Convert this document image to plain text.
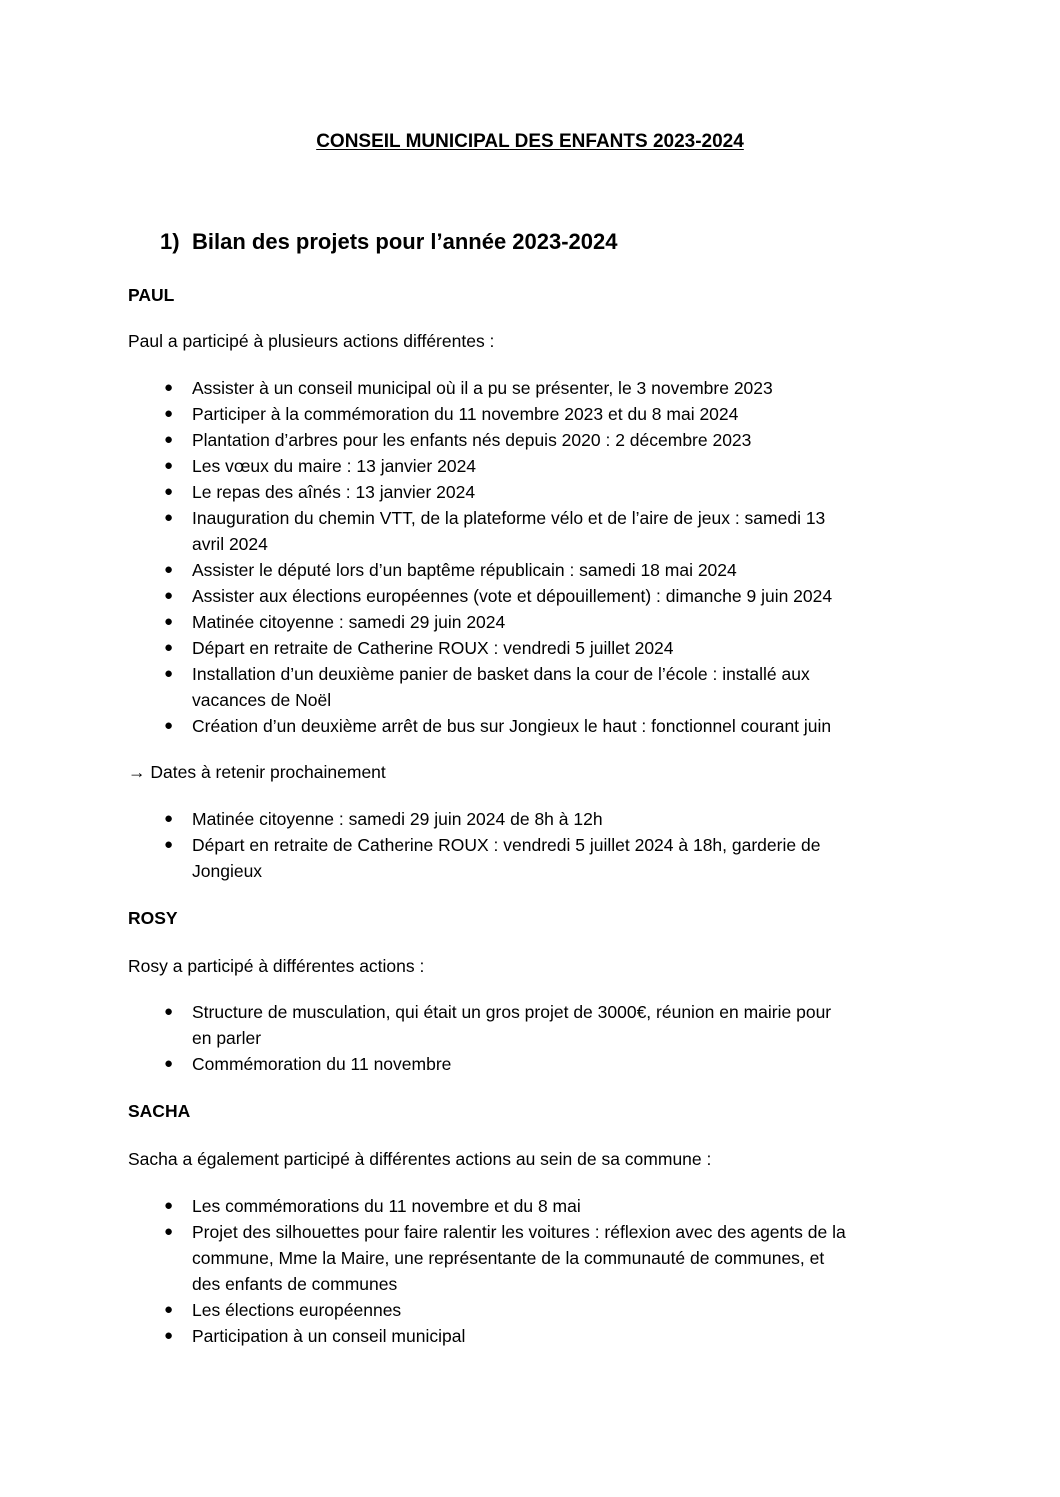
CONSEIL MUNICIPAL DES ENFANTS 2023-2024
1) Bilan des projets pour l’année 2023-2024
PAUL
Paul a participé à plusieurs actions différentes :
● Assister à un conseil municipal où il a pu se présenter, le 3 novembre 2023
● Participer à la commémoration du 11 novembre 2023 et du 8 mai 2024
● Plantation d’arbres pour les enfants nés depuis 2020 : 2 décembre 2023
● Les vœux du maire : 13 janvier 2024
● Le repas des aînés : 13 janvier 2024
● Inauguration du chemin VTT, de la plateforme vélo et de l’aire de jeux : samedi 13
avril 2024
● Assister le député lors d’un baptême républicain : samedi 18 mai 2024
● Assister aux élections européennes (vote et dépouillement) : dimanche 9 juin 2024
● Matinée citoyenne : samedi 29 juin 2024
● Départ en retraite de Catherine ROUX : vendredi 5 juillet 2024
● Installation d’un deuxième panier de basket dans la cour de l’école : installé aux
vacances de Noël
● Création d’un deuxième arrêt de bus sur Jongieux le haut : fonctionnel courant juin
→ Dates à retenir prochainement
● Matinée citoyenne : samedi 29 juin 2024 de 8h à 12h
● Départ en retraite de Catherine ROUX : vendredi 5 juillet 2024 à 18h, garderie de
Jongieux
ROSY
Rosy a participé à différentes actions :
● Structure de musculation, qui était un gros projet de 3000€, réunion en mairie pour
en parler
● Commémoration du 11 novembre
SACHA
Sacha a également participé à différentes actions au sein de sa commune :
● Les commémorations du 11 novembre et du 8 mai
● Projet des silhouettes pour faire ralentir les voitures : réflexion avec des agents de la
commune, Mme la Maire, une représentante de la communauté de communes, et
des enfants de communes
● Les élections européennes
● Participation à un conseil municipal
